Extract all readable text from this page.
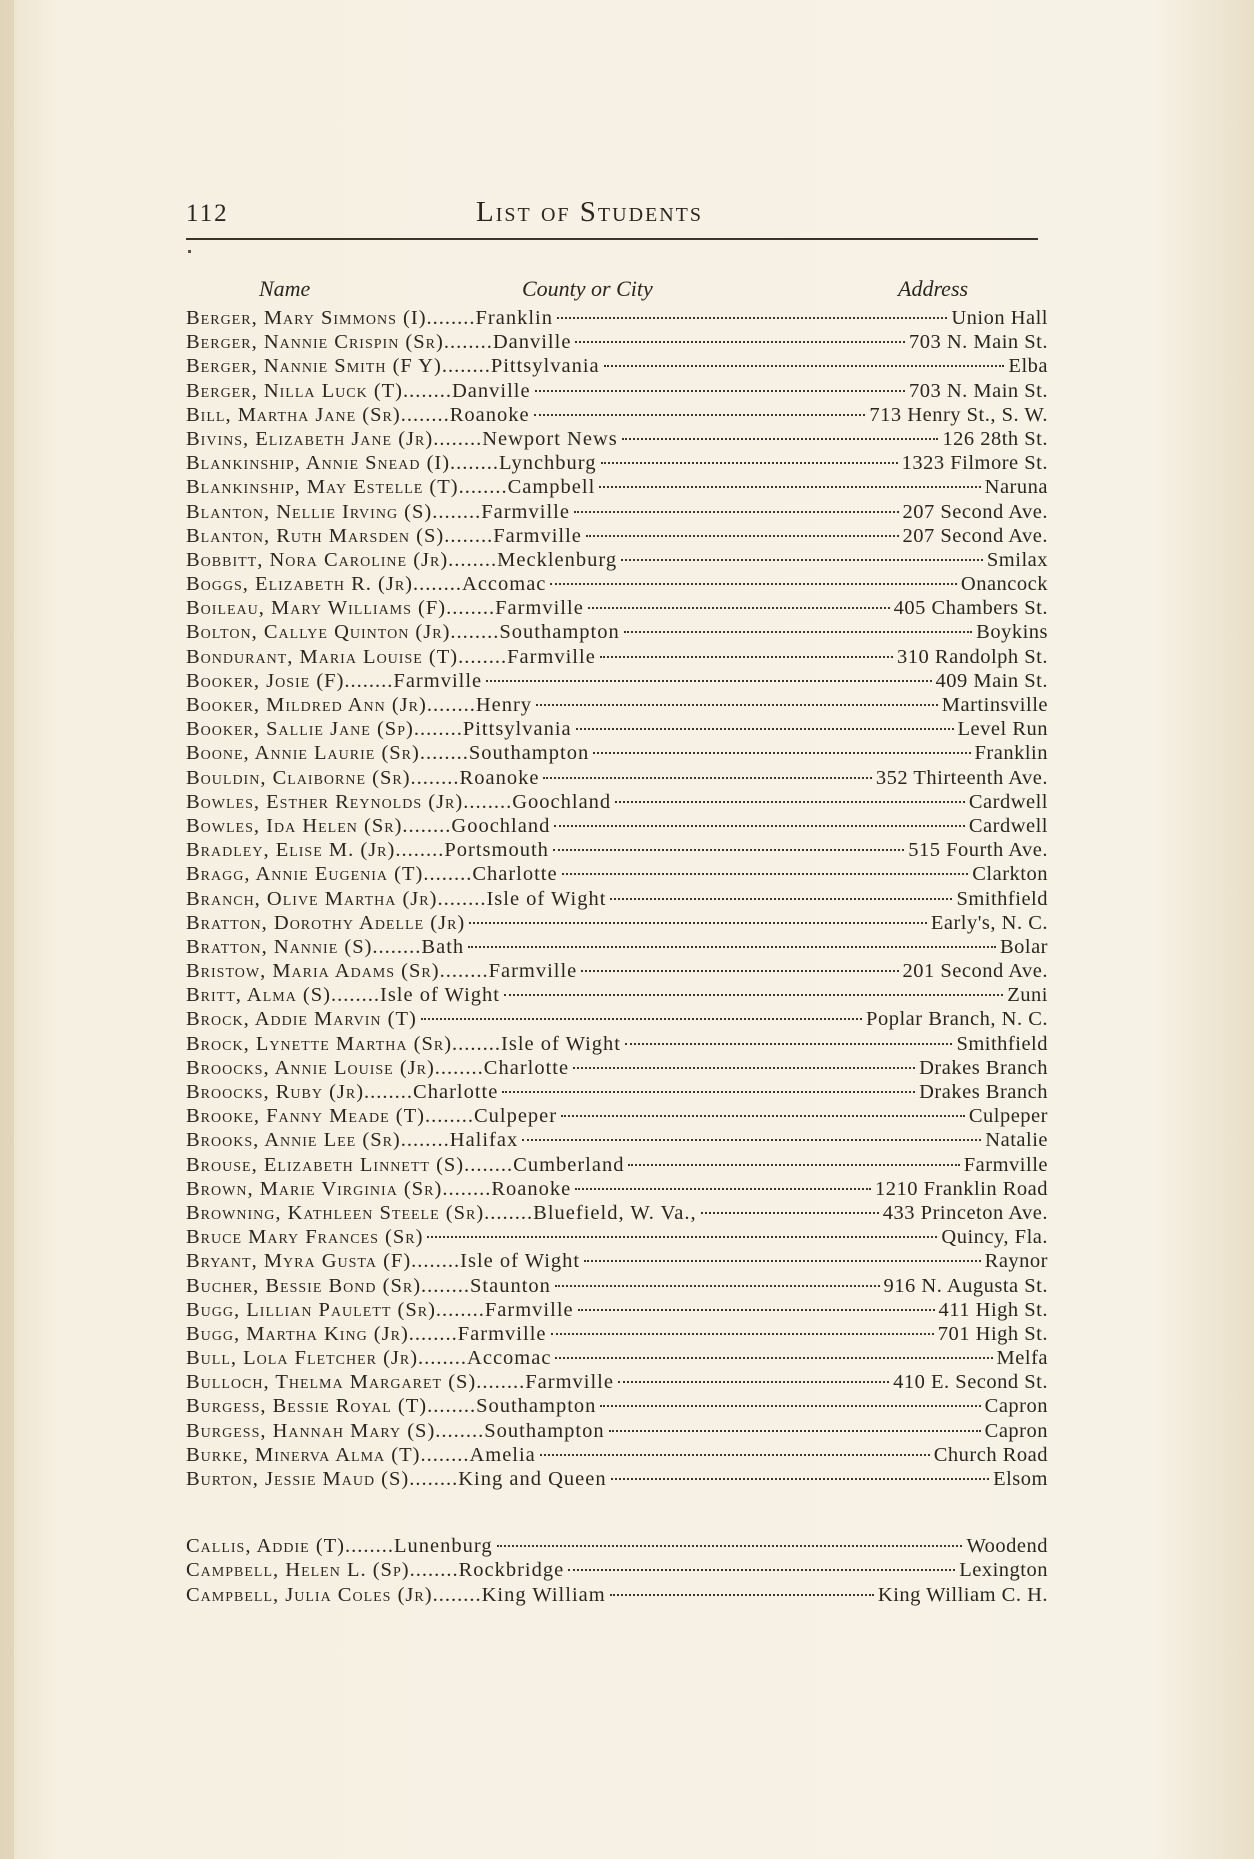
112	List of Students
Name	County or City	Address
Berger, Mary Simmons (I)........Franklin	Union Hall
Berger, Nannie Crispin (Sr)........Danville	703 N. Main St.
Berger, Nannie Smith (F Y)........Pittsylvania	Elba
Berger, Nilla Luck (T)........Danville	703 N. Main St.
Bill, Martha Jane (Sr)........Roanoke	713 Henry St., S. W.
Bivins, Elizabeth Jane (Jr)........Newport News	126 28th St.
Blankinship, Annie Snead (I)........Lynchburg	1323 Filmore St.
Blankinship, May Estelle (T)........Campbell	Naruna
Blanton, Nellie Irving (S)........Farmville	207 Second Ave.
Blanton, Ruth Marsden (S)........Farmville	207 Second Ave.
Bobbitt, Nora Caroline (Jr)........Mecklenburg	Smilax
Boggs, Elizabeth R. (Jr)........Accomac	Onancock
Boileau, Mary Williams (F)........Farmville	405 Chambers St.
Bolton, Callye Quinton (Jr)........Southampton	Boykins
Bondurant, Maria Louise (T)........Farmville	310 Randolph St.
Booker, Josie (F)........Farmville	409 Main St.
Booker, Mildred Ann (Jr)........Henry	Martinsville
Booker, Sallie Jane (Sp)........Pittsylvania	Level Run
Boone, Annie Laurie (Sr)........Southampton	Franklin
Bouldin, Claiborne (Sr)........Roanoke	352 Thirteenth Ave.
Bowles, Esther Reynolds (Jr)........Goochland	Cardwell
Bowles, Ida Helen (Sr)........Goochland	Cardwell
Bradley, Elise M. (Jr)........Portsmouth	515 Fourth Ave.
Bragg, Annie Eugenia (T)........Charlotte	Clarkton
Branch, Olive Martha (Jr)........Isle of Wight	Smithfield
Bratton, Dorothy Adelle (Jr)	Early's, N. C.
Bratton, Nannie (S)........Bath	Bolar
Bristow, Maria Adams (Sr)........Farmville	201 Second Ave.
Britt, Alma (S)........Isle of Wight	Zuni
Brock, Addie Marvin (T)	Poplar Branch, N. C.
Brock, Lynette Martha (Sr)........Isle of Wight	Smithfield
Broocks, Annie Louise (Jr)........Charlotte	Drakes Branch
Broocks, Ruby (Jr)........Charlotte	Drakes Branch
Brooke, Fanny Meade (T)........Culpeper	Culpeper
Brooks, Annie Lee (Sr)........Halifax	Natalie
Brouse, Elizabeth Linnett (S)........Cumberland	Farmville
Brown, Marie Virginia (Sr)........Roanoke	1210 Franklin Road
Browning, Kathleen Steele (Sr)........Bluefield, W. Va.,	433 Princeton Ave.
Bruce Mary Frances (Sr)	Quincy, Fla.
Bryant, Myra Gusta (F)........Isle of Wight	Raynor
Bucher, Bessie Bond (Sr)........Staunton	916 N. Augusta St.
Bugg, Lillian Paulett (Sr)........Farmville	411 High St.
Bugg, Martha King (Jr)........Farmville	701 High St.
Bull, Lola Fletcher (Jr)........Accomac	Melfa
Bulloch, Thelma Margaret (S)........Farmville	410 E. Second St.
Burgess, Bessie Royal (T)........Southampton	Capron
Burgess, Hannah Mary (S)........Southampton	Capron
Burke, Minerva Alma (T)........Amelia	Church Road
Burton, Jessie Maud (S)........King and Queen	Elsom
Callis, Addie (T)........Lunenburg	Woodend
Campbell, Helen L. (Sp)........Rockbridge	Lexington
Campbell, Julia Coles (Jr)........King William	King William C. H.
